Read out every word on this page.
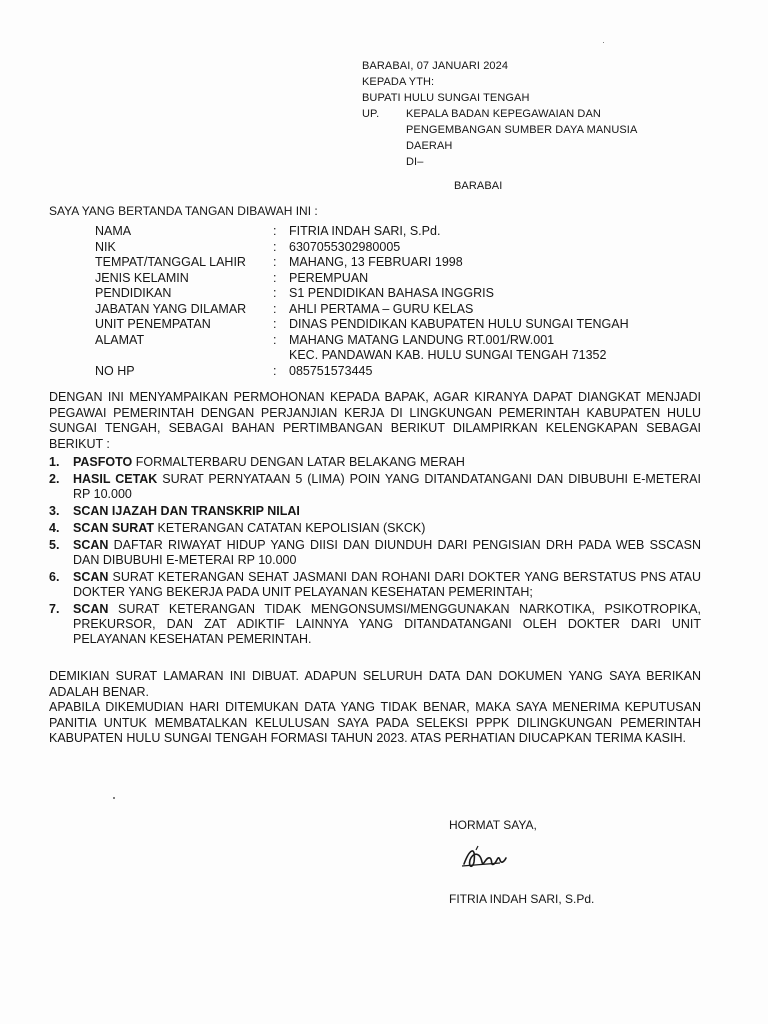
BARABAI, 07 JANUARI 2024
KEPADA YTH:
BUPATI HULU SUNGAI TENGAH
UP.	KEPALA BADAN KEPEGAWAIAN DAN
PENGEMBANGAN SUMBER DAYA MANUSIA
DAERAH
DI–
BARABAI
SAYA YANG BERTANDA TANGAN DIBAWAH INI :
NAMA	:	FITRIA INDAH SARI, S.Pd.
NIK	:	6307055302980005
TEMPAT/TANGGAL LAHIR	:	MAHANG, 13 FEBRUARI 1998
JENIS KELAMIN	:	PEREMPUAN
PENDIDIKAN	:	S1 PENDIDIKAN BAHASA INGGRIS
JABATAN YANG DILAMAR	:	AHLI PERTAMA – GURU KELAS
UNIT PENEMPATAN	:	DINAS PENDIDIKAN KABUPATEN HULU SUNGAI TENGAH
ALAMAT	:	MAHANG MATANG LANDUNG RT.001/RW.001
KEC. PANDAWAN KAB. HULU SUNGAI TENGAH 71352
NO HP	:	085751573445
DENGAN INI MENYAMPAIKAN PERMOHONAN KEPADA BAPAK, AGAR KIRANYA DAPAT DIANGKAT MENJADI PEGAWAI PEMERINTAH DENGAN PERJANJIAN KERJA DI LINGKUNGAN PEMERINTAH KABUPATEN HULU SUNGAI TENGAH, SEBAGAI BAHAN PERTIMBANGAN BERIKUT DILAMPIRKAN KELENGKAPAN SEBAGAI BERIKUT :
1.	PASFOTO FORMALTERBARU DENGAN LATAR BELAKANG MERAH
2.	HASIL CETAK SURAT PERNYATAAN 5 (LIMA) POIN YANG DITANDATANGANI DAN DIBUBUHI E-METERAI RP 10.000
3.	SCAN IJAZAH DAN TRANSKRIP NILAI
4.	SCAN SURAT KETERANGAN CATATAN KEPOLISIAN (SKCK)
5.	SCAN DAFTAR RIWAYAT HIDUP YANG DIISI DAN DIUNDUH DARI PENGISIAN DRH PADA WEB SSCASN DAN DIBUBUHI E-METERAI RP 10.000
6.	SCAN SURAT KETERANGAN SEHAT JASMANI DAN ROHANI DARI DOKTER YANG BERSTATUS PNS ATAU DOKTER YANG BEKERJA PADA UNIT PELAYANAN KESEHATAN PEMERINTAH;
7.	SCAN SURAT KETERANGAN TIDAK MENGONSUMSI/MENGGUNAKAN NARKOTIKA, PSIKOTROPIKA, PREKURSOR, DAN ZAT ADIKTIF LAINNYA YANG DITANDATANGANI OLEH DOKTER DARI UNIT PELAYANAN KESEHATAN PEMERINTAH.
DEMIKIAN SURAT LAMARAN INI DIBUAT. ADAPUN SELURUH DATA DAN DOKUMEN YANG SAYA BERIKAN ADALAH BENAR.
APABILA DIKEMUDIAN HARI DITEMUKAN DATA YANG TIDAK BENAR, MAKA SAYA MENERIMA KEPUTUSAN PANITIA UNTUK MEMBATALKAN KELULUSAN SAYA PADA SELEKSI PPPK DILINGKUNGAN PEMERINTAH KABUPATEN HULU SUNGAI TENGAH FORMASI TAHUN 2023. ATAS PERHATIAN DIUCAPKAN TERIMA KASIH.
HORMAT SAYA,
FITRIA INDAH SARI, S.Pd.
